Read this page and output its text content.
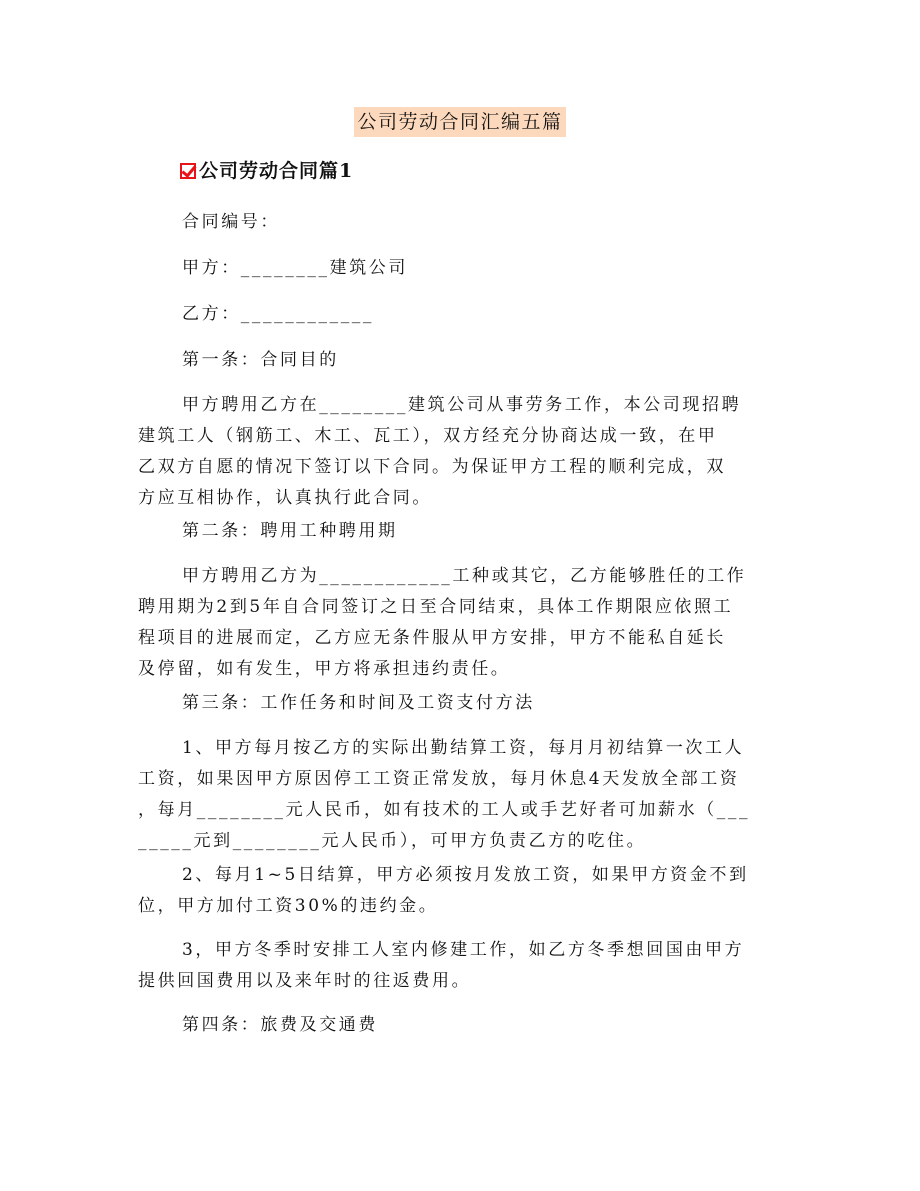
公司劳动合同汇编五篇
公司劳动合同篇1
合同编号：
甲方：________建筑公司
乙方：____________
第一条：合同目的
甲方聘用乙方在________建筑公司从事劳务工作，本公司现招聘
建筑工人（钢筋工、木工、瓦工），双方经充分协商达成一致，在甲
乙双方自愿的情况下签订以下合同。为保证甲方工程的顺利完成，双
方应互相协作，认真执行此合同。
第二条：聘用工种聘用期
甲方聘用乙方为____________工种或其它，乙方能够胜任的工作
聘用期为2到5年自合同签订之日至合同结束，具体工作期限应依照工
程项目的进展而定，乙方应无条件服从甲方安排，甲方不能私自延长
及停留，如有发生，甲方将承担违约责任。
第三条：工作任务和时间及工资支付方法
1、甲方每月按乙方的实际出勤结算工资，每月月初结算一次工人
工资，如果因甲方原因停工工资正常发放，每月休息4天发放全部工资
，每月________元人民币，如有技术的工人或手艺好者可加薪水（___
_____元到________元人民币），可甲方负责乙方的吃住。
2、每月1~5日结算，甲方必须按月发放工资，如果甲方资金不到
位，甲方加付工资30%的违约金。
3，甲方冬季时安排工人室内修建工作，如乙方冬季想回国由甲方
提供回国费用以及来年时的往返费用。
第四条：旅费及交通费
